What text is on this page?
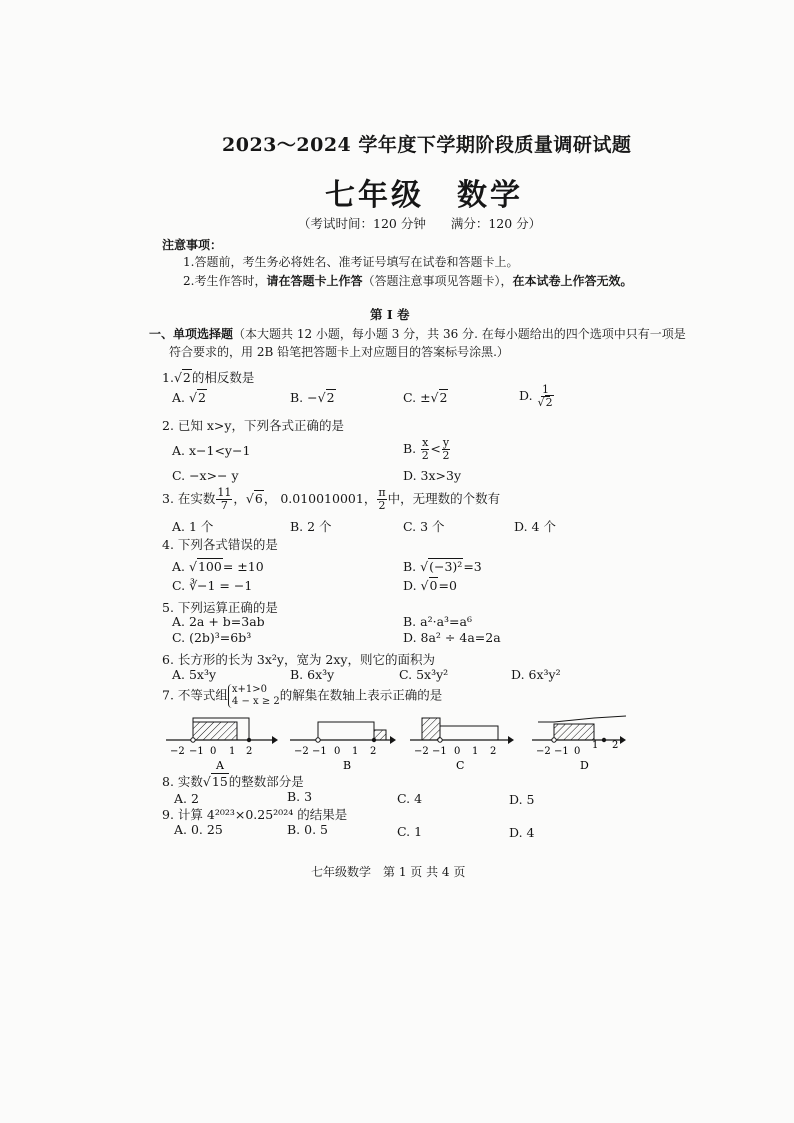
2023～2024 学年度下学期阶段质量调研试题
七年级　数学
（考试时间：120 分钟　　满分：120 分）
注意事项：
1.答题前，考生务必将姓名、准考证号填写在试卷和答题卡上。
2.考生作答时，请在答题卡上作答（答题注意事项见答题卡），在本试卷上作答无效。
第 I 卷
一、单项选择题（本大题共 12 小题，每小题 3 分，共 36 分. 在每小题给出的四个选项中只有一项是
符合要求的，用 2B 铅笔把答题卡上对应题目的答案标号涂黑.）
1.√2的相反数是
A. √2	B. −√2	C. ±√2	D. $\frac{1}{√2}$
2. 已知 x>y，下列各式正确的是
A. x−1<y−1	B. $\frac{x}{2} < \frac{y}{2}$
C. −x>− y	D. 3x>3y
3. 在实数 $\frac{11}{7}$ ，√6， 0.010010001， $\frac{\pi}{2}$ 中，无理数的个数有
A. 1 个	B. 2 个	C. 3 个	D. 4 个
4. 下列各式错误的是
A. √100= ±10	B. √(−3)²=3
C. ∛−1 = −1	D. √0=0
5. 下列运算正确的是
A. 2a + b=3ab	B. a²·a³=a⁶
C. (2b)³=6b³	D. 8a² ÷ 4a=2a
6. 长方形的长为 3x²y，宽为 2xy，则它的面积为
A. 5x³y	B. 6x³y	C. 5x³y²	D. 6x³y²
7. 不等式组 x+1>0
4 − x ≥ 2 的解集在数轴上表示正确的是
−2 −1 0 1 2
A
−2 −1 0 1 2
B
−2 −1 0 1 2
C
−2 −1 0
1 2
D
8. 实数√15的整数部分是
A. 2	B. 3	C. 4	D. 5
9. 计算 4²⁰²³×0.25²⁰²⁴ 的结果是
A. 0. 25	B. 0. 5	C. 1	D. 4
七年级数学　第 1 页 共 4 页
